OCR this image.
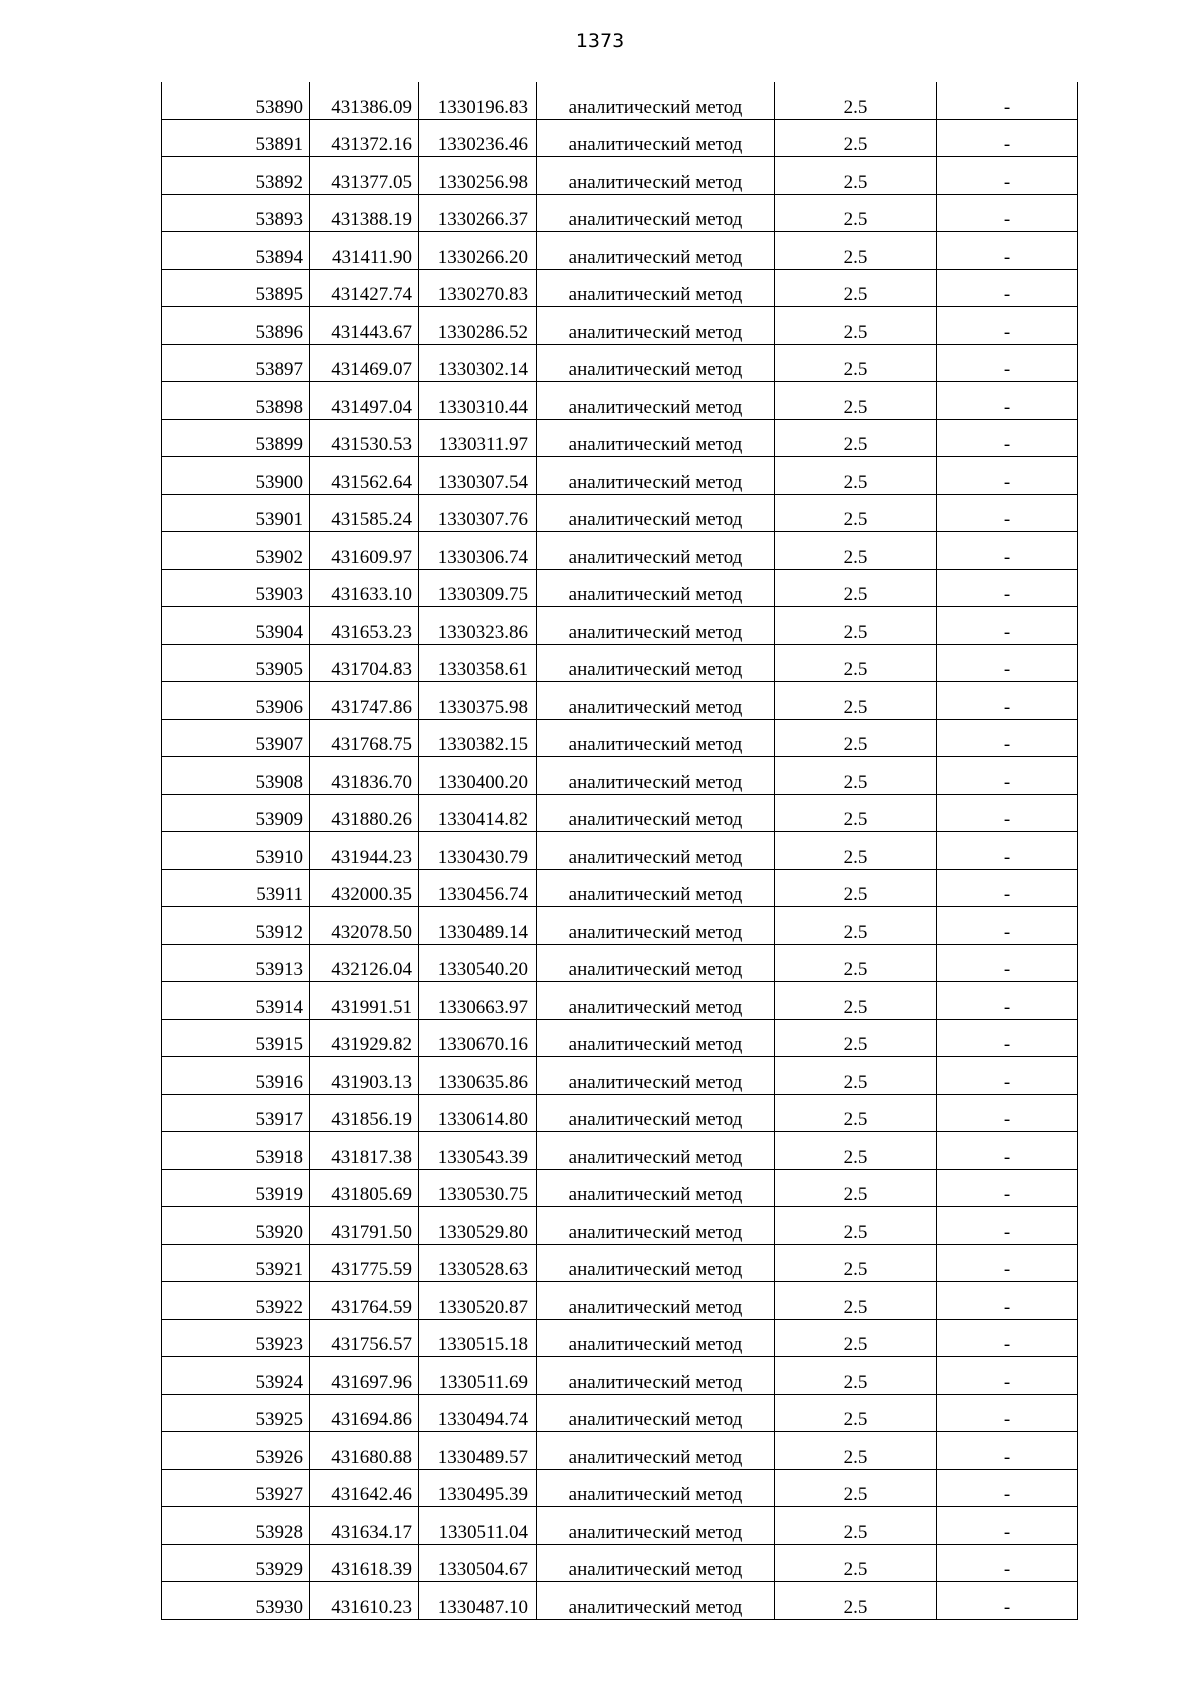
1373
53890	431386.09	1330196.83	аналитический метод	2.5	-
53891	431372.16	1330236.46	аналитический метод	2.5	-
53892	431377.05	1330256.98	аналитический метод	2.5	-
53893	431388.19	1330266.37	аналитический метод	2.5	-
53894	431411.90	1330266.20	аналитический метод	2.5	-
53895	431427.74	1330270.83	аналитический метод	2.5	-
53896	431443.67	1330286.52	аналитический метод	2.5	-
53897	431469.07	1330302.14	аналитический метод	2.5	-
53898	431497.04	1330310.44	аналитический метод	2.5	-
53899	431530.53	1330311.97	аналитический метод	2.5	-
53900	431562.64	1330307.54	аналитический метод	2.5	-
53901	431585.24	1330307.76	аналитический метод	2.5	-
53902	431609.97	1330306.74	аналитический метод	2.5	-
53903	431633.10	1330309.75	аналитический метод	2.5	-
53904	431653.23	1330323.86	аналитический метод	2.5	-
53905	431704.83	1330358.61	аналитический метод	2.5	-
53906	431747.86	1330375.98	аналитический метод	2.5	-
53907	431768.75	1330382.15	аналитический метод	2.5	-
53908	431836.70	1330400.20	аналитический метод	2.5	-
53909	431880.26	1330414.82	аналитический метод	2.5	-
53910	431944.23	1330430.79	аналитический метод	2.5	-
53911	432000.35	1330456.74	аналитический метод	2.5	-
53912	432078.50	1330489.14	аналитический метод	2.5	-
53913	432126.04	1330540.20	аналитический метод	2.5	-
53914	431991.51	1330663.97	аналитический метод	2.5	-
53915	431929.82	1330670.16	аналитический метод	2.5	-
53916	431903.13	1330635.86	аналитический метод	2.5	-
53917	431856.19	1330614.80	аналитический метод	2.5	-
53918	431817.38	1330543.39	аналитический метод	2.5	-
53919	431805.69	1330530.75	аналитический метод	2.5	-
53920	431791.50	1330529.80	аналитический метод	2.5	-
53921	431775.59	1330528.63	аналитический метод	2.5	-
53922	431764.59	1330520.87	аналитический метод	2.5	-
53923	431756.57	1330515.18	аналитический метод	2.5	-
53924	431697.96	1330511.69	аналитический метод	2.5	-
53925	431694.86	1330494.74	аналитический метод	2.5	-
53926	431680.88	1330489.57	аналитический метод	2.5	-
53927	431642.46	1330495.39	аналитический метод	2.5	-
53928	431634.17	1330511.04	аналитический метод	2.5	-
53929	431618.39	1330504.67	аналитический метод	2.5	-
53930	431610.23	1330487.10	аналитический метод	2.5	-
